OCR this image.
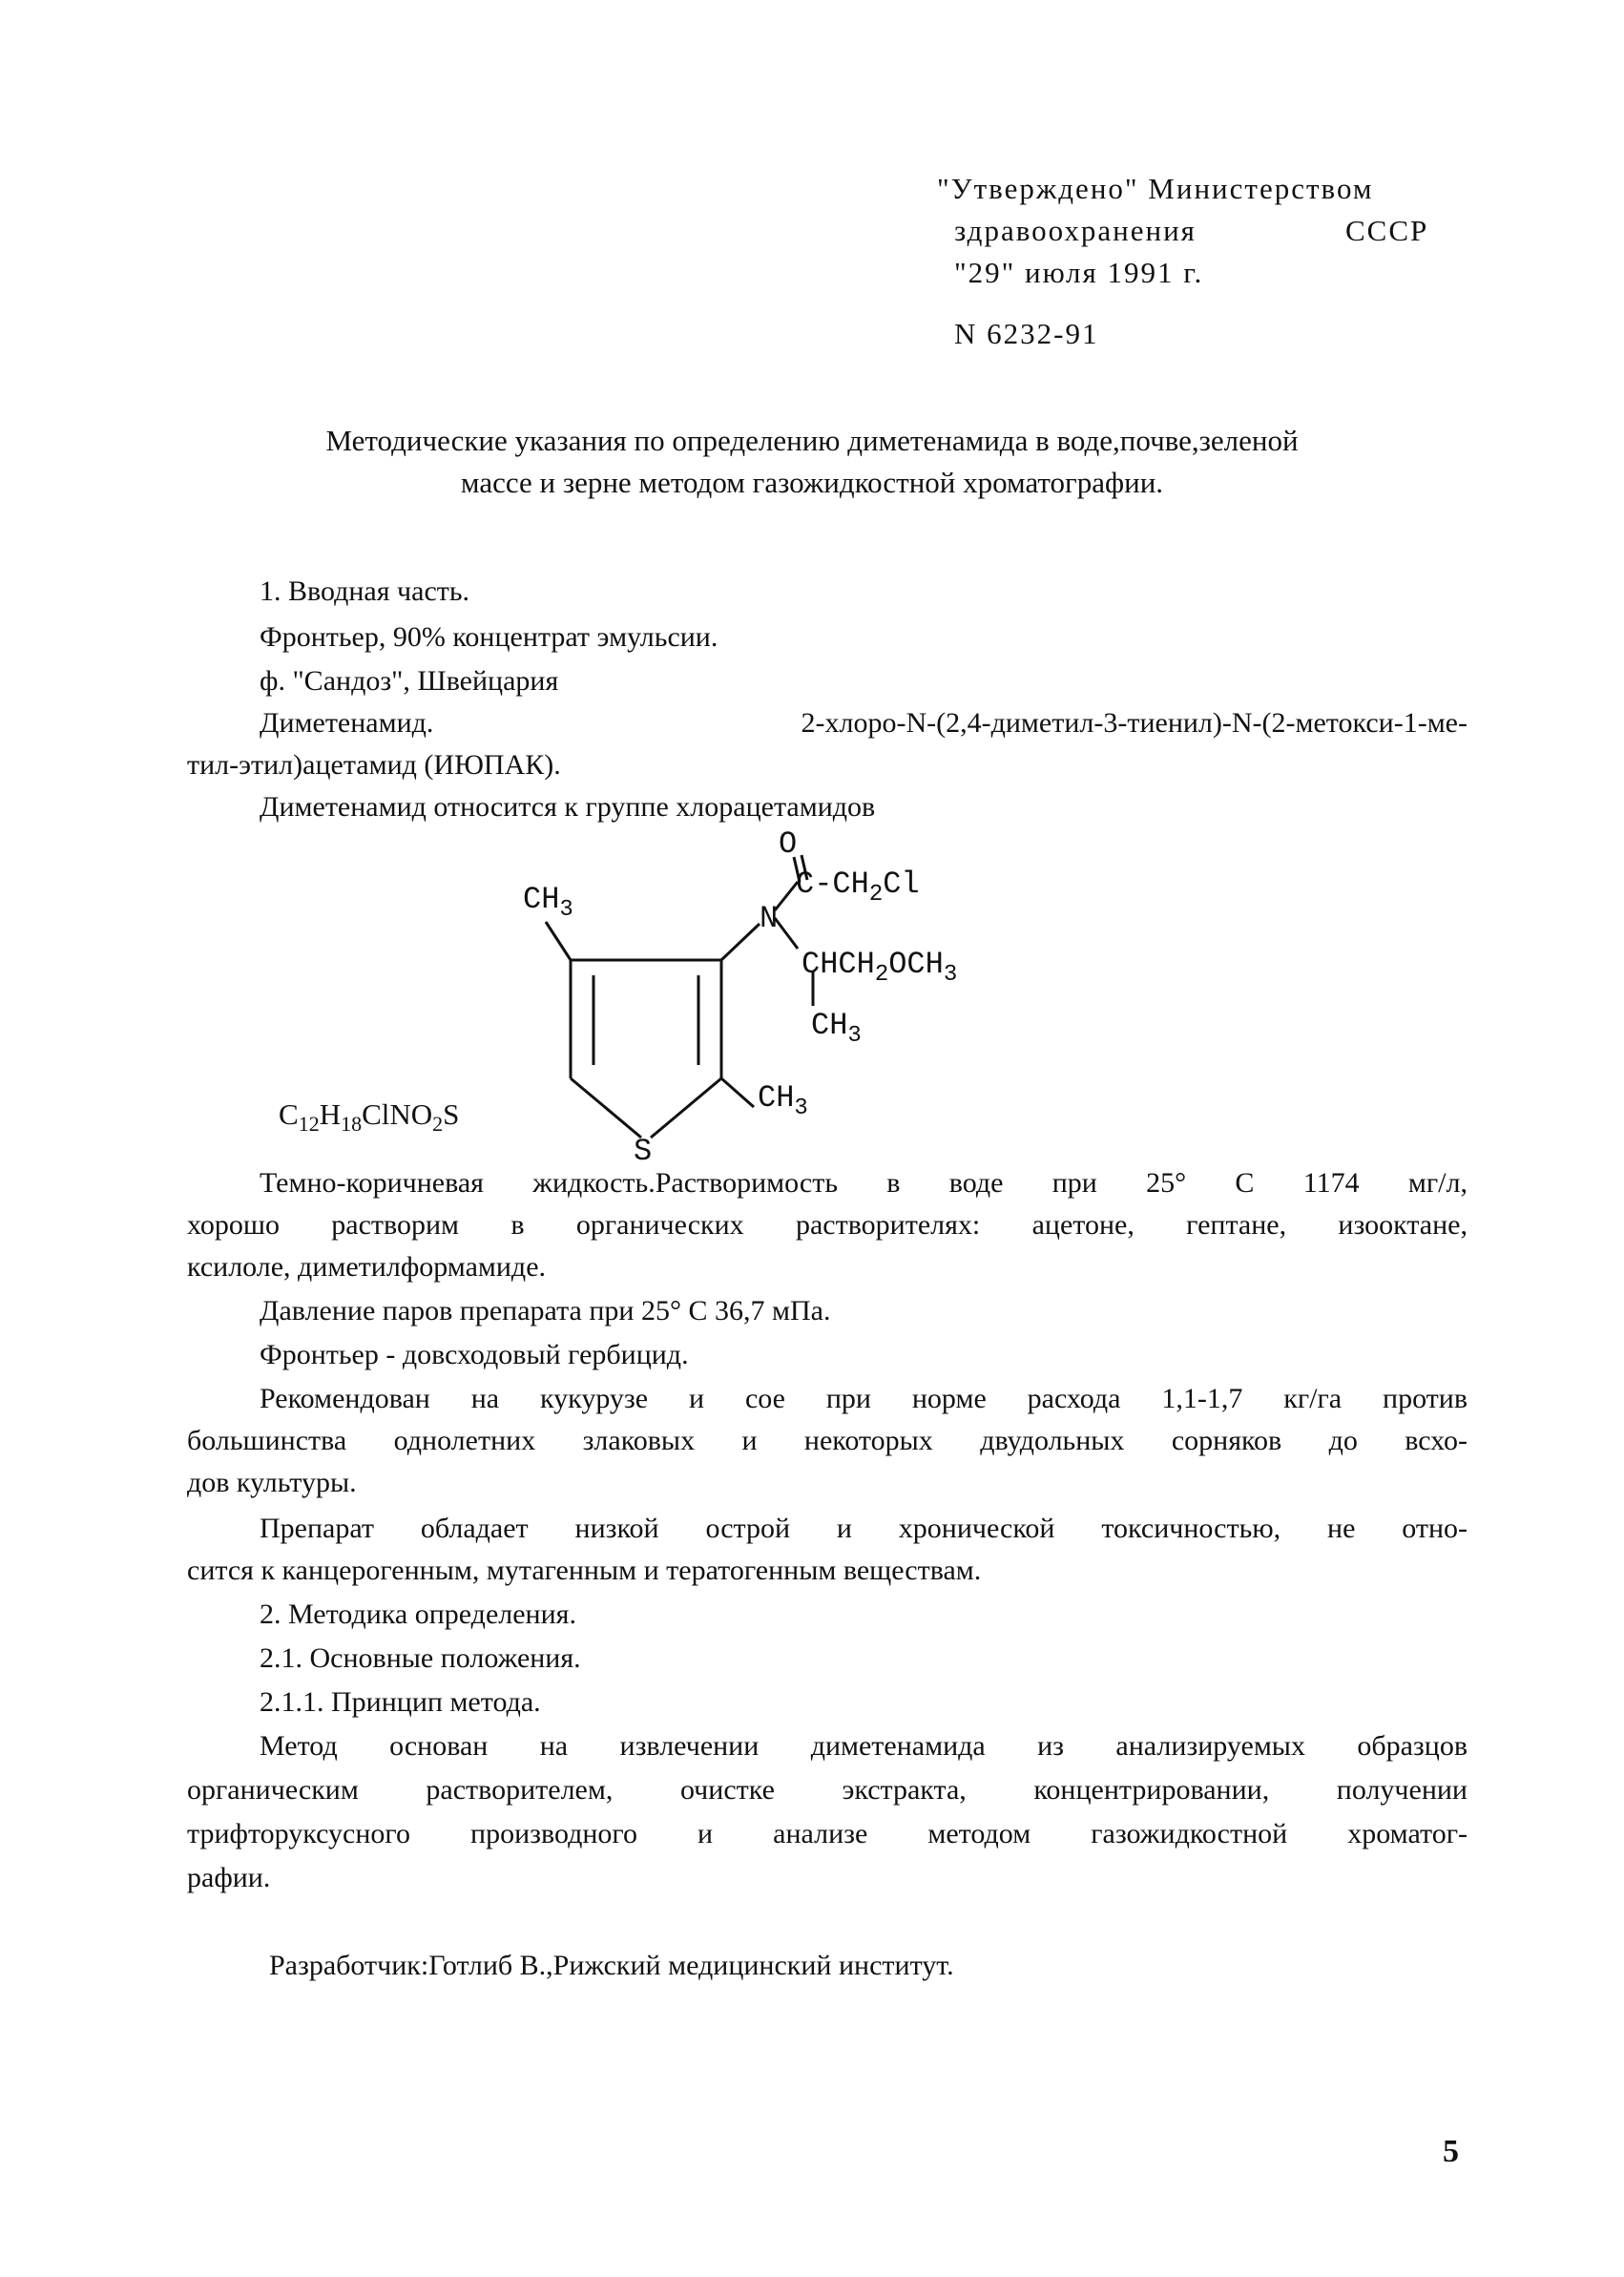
"Утверждено" Министерством
здравоохранения	СССР
"29" июля 1991 г.
N 6232-91
Методические указания по определению диметенамида в воде,почве,зеленой
массе и зерне методом газожидкостной хроматографии.
1. Вводная часть.
Фронтьер, 90% концентрат эмульсии.
ф. "Сандоз", Швейцария
Диметенамид. 2-хлоро-N-(2,4-диметил-3-тиенил)-N-(2-метокси-1-ме-
тил-этил)ацетамид (ИЮПАК).
Диметенамид относится к группе хлорацетамидов
$CH_3$	N
O
$C-CH_2Cl$
$CHCH_2OCH_3$
$CH_3$
$CH_3$
S
$C_{12}H_{18}ClNO_2S$
Темно-коричневая жидкость.Растворимость в воде при 25° С 1174 мг/л,
хорошо растворим в органических растворителях: ацетоне, гептане, изооктане,
ксилоле, диметилформамиде.
Давление паров препарата при 25° С 36,7 мПа.
Фронтьер - довсходовый гербицид.
Рекомендован на кукурузе и сое при норме расхода 1,1-1,7 кг/га против
большинства однолетних злаковых и некоторых двудольных сорняков до всхо-
дов культуры.
Препарат обладает низкой острой и хронической токсичностью, не отно-
сится к канцерогенным, мутагенным и тератогенным веществам.
2. Методика определения.
2.1. Основные положения.
2.1.1. Принцип метода.
Метод основан на извлечении диметенамида из анализируемых образцов
органическим растворителем, очистке экстракта, концентрировании, получении
трифторуксусного производного и анализе методом газожидкостной хроматог-
рафии.
Разработчик:Готлиб В.,Рижский медицинский институт.
5
